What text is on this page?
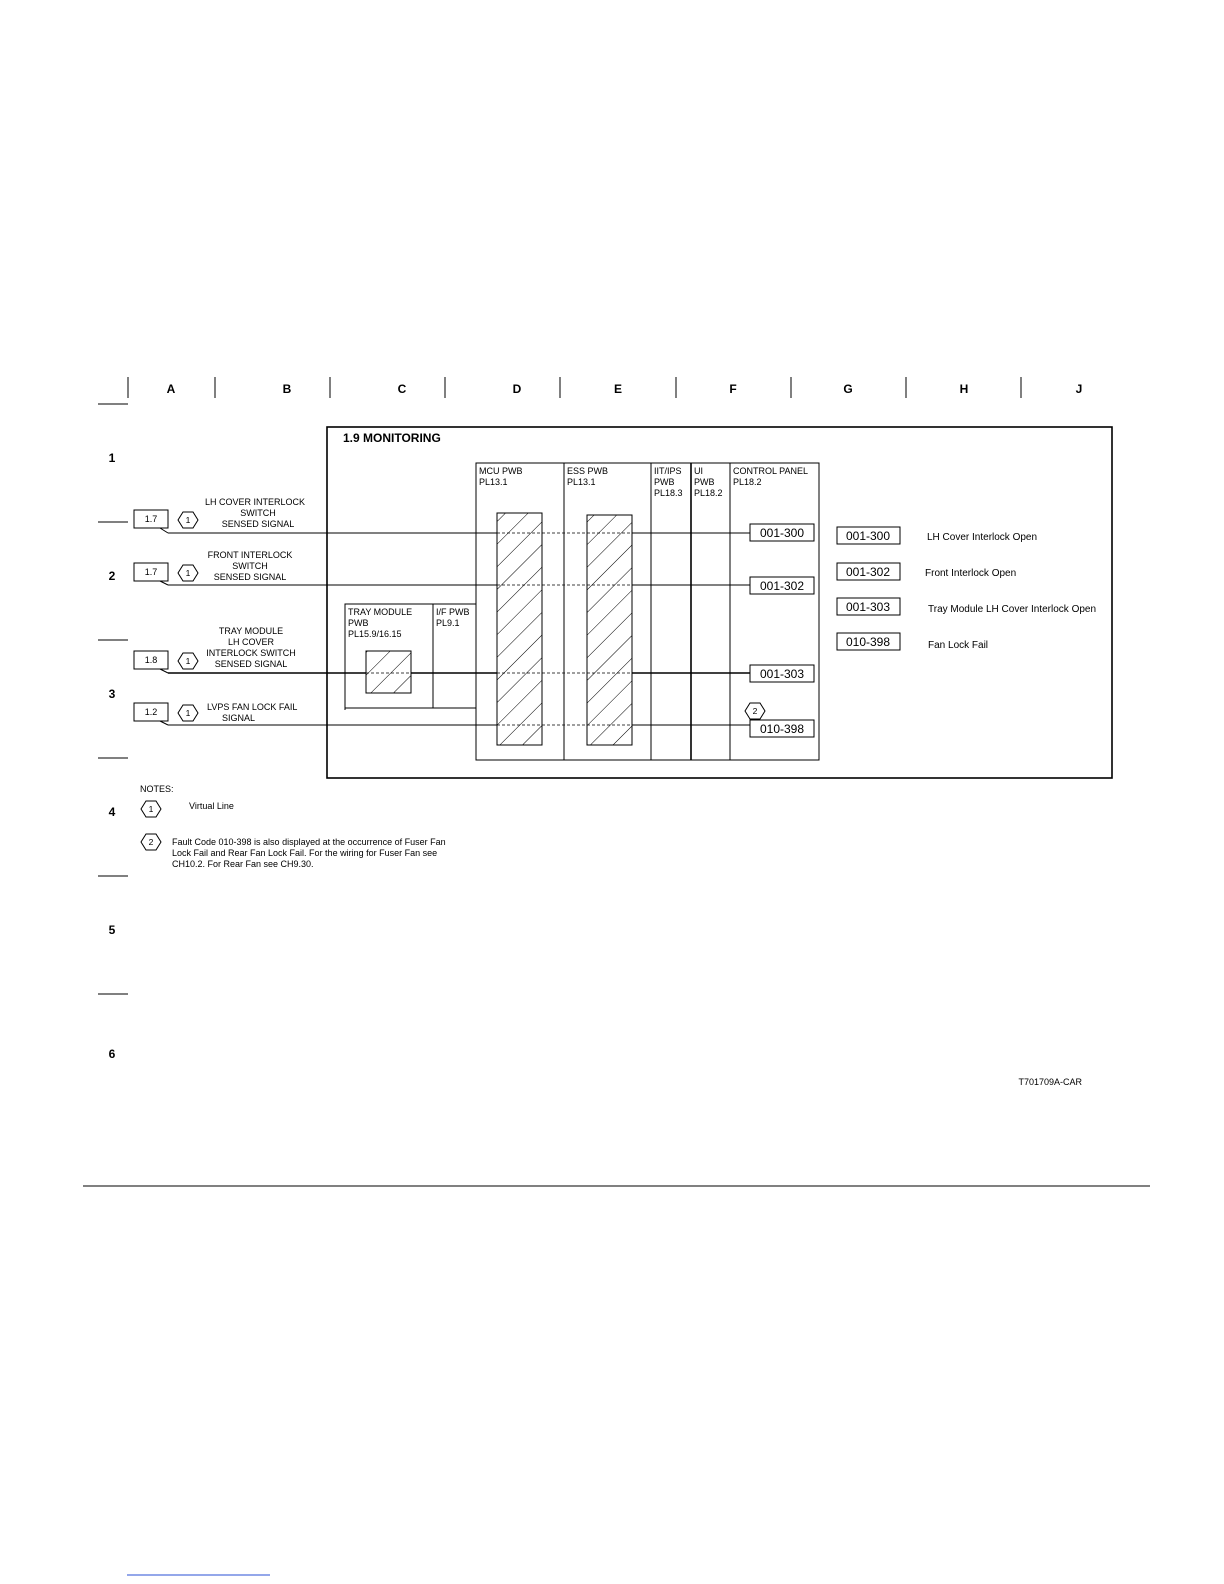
A	B	C	D	E	F	G	H	J
1
2
3
4
5
6
1.9 MONITORING
MCU PWB
PL13.1
ESS PWB
PL13.1
IIT/IPS
PWB
PL18.3
UI
PWB
PL18.2
CONTROL PANEL
PL18.2
TRAY MODULE
PWB
PL15.9/16.15
I/F PWB
PL9.1
1.7	1
LH COVER INTERLOCK
SWITCH
SENSED SIGNAL
001-300
1.7	1
FRONT INTERLOCK
SWITCH
SENSED SIGNAL
001-302
1.8	1
TRAY MODULE
LH COVER
INTERLOCK SWITCH
SENSED SIGNAL
001-303
1.2	1
LVPS FAN LOCK FAIL
SIGNAL
2
010-398
001-300	LH Cover Interlock Open
001-302	Front Interlock Open
001-303	Tray Module LH Cover Interlock Open
010-398	Fan Lock Fail
NOTES:
1	Virtual Line
2 Fault Code 010-398 is also displayed at the occurrence of Fuser Fan
Lock Fail and Rear Fan Lock Fail. For the wiring for Fuser Fan see
CH10.2. For Rear Fan see CH9.30.
T701709A-CAR
